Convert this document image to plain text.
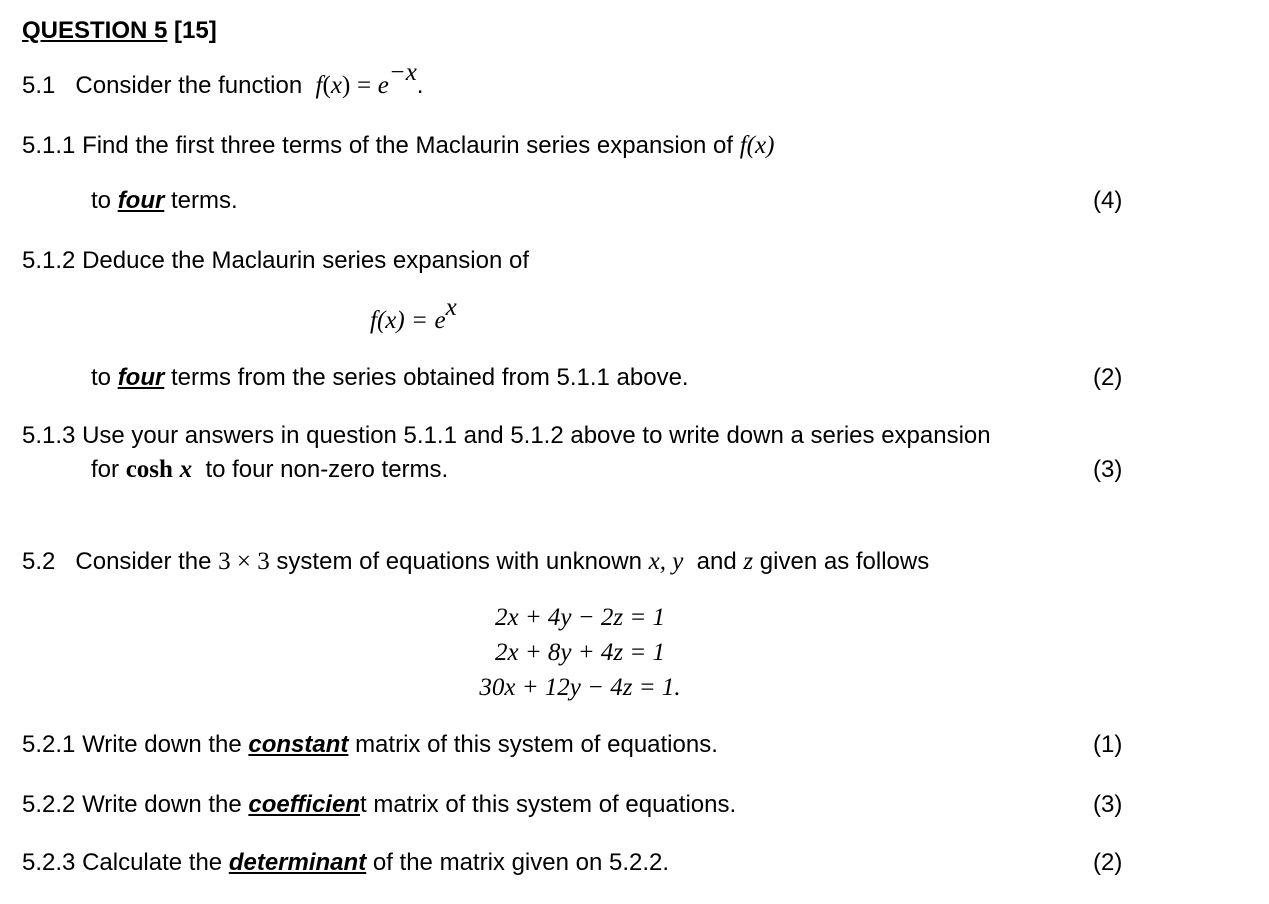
QUESTION 5 [15]
5.1 Consider the function $f(x) = e^{-x}$.
5.1.1 Find the first three terms of the Maclaurin series expansion of f(x)
to four terms.	(4)
5.1.2 Deduce the Maclaurin series expansion of
$f(x) = e^x$
to four terms from the series obtained from 5.1.1 above.	(2)
5.1.3 Use your answers in question 5.1.1 and 5.1.2 above to write down a series expansion
for cosh x to four non-zero terms.	(3)
5.2 Consider the 3 × 3 system of equations with unknown x, y and z given as follows
2x + 4y − 2z = 1
2x + 8y + 4z = 1
30x + 12y − 4z = 1.
5.2.1 Write down the constant matrix of this system of equations.	(1)
5.2.2 Write down the coefficient matrix of this system of equations.	(3)
5.2.3 Calculate the determinant of the matrix given on 5.2.2.	(2)
